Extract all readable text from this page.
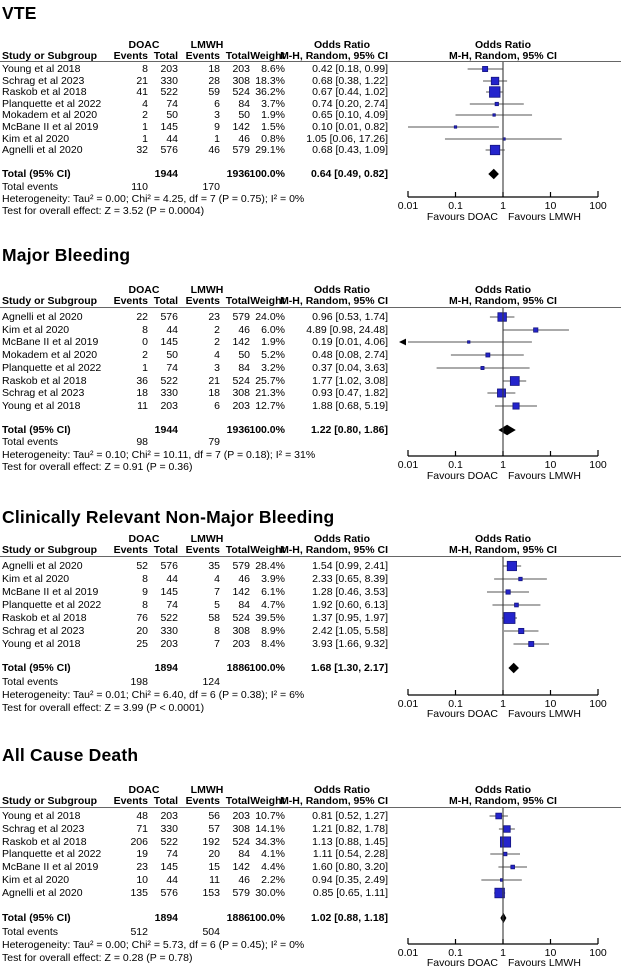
VTE
DOAC	LMWH	Odds Ratio	Odds Ratio
Study or Subgroup	Events Total Events Total Weight
M-H, Random, 95% CI	M-H, Random, 95% CI
Young et al 2018	8	203	18	203	8.6%	0.42 [0.18, 0.99]
Schrag et al 2023	21	330	28	308 18.3%	0.68 [0.38, 1.22]
Raskob et al 2018	41	522	59	524 36.2%	0.67 [0.44, 1.02]
Planquette et al 2022	4	74	6	84	3.7%	0.74 [0.20, 2.74]
Mokadem et al 2020	2	50	3	50	1.9%	0.65 [0.10, 4.09]
McBane II et al 2019	1	145	9	142	1.5%	0.10 [0.01, 0.82]
Kim et al 2020	1	44	1	46	0.8%	1.05 [0.06, 17.26]
Agnelli et al 2020	32	576	46	579 29.1%	0.68 [0.43, 1.09]
Total (95% CI)	1944	1936 100.0%	0.64 [0.49, 0.82]
Total events	110	170
Heterogeneity: Tau² = 0.00; Chi² = 4.25, df = 7 (P = 0.75); I² = 0%
Test for overall effect: Z = 3.52 (P = 0.0004)	0.01	0.1	1	10	100
Favours DOAC Favours LMWH
Major Bleeding
DOAC	LMWH	Odds Ratio	Odds Ratio
Study or Subgroup	Events Total Events Total Weight
M-H, Random, 95% CI	M-H, Random, 95% CI
Agnelli et al 2020	22	576	23	579 24.0%	0.96 [0.53, 1.74]
Kim et al 2020	8	44	2	46	6.0%	4.89 [0.98, 24.48]
McBane II et al 2019	0	145	2	142	1.9%	0.19 [0.01, 4.06]
Mokadem et al 2020	2	50	4	50	5.2%	0.48 [0.08, 2.74]
Planquette et al 2022	1	74	3	84	3.2%	0.37 [0.04, 3.63]
Raskob et al 2018	36	522	21	524 25.7%	1.77 [1.02, 3.08]
Schrag et al 2023	18	330	18	308 21.3%	0.93 [0.47, 1.82]
Young et al 2018	11	203	6	203 12.7%	1.88 [0.68, 5.19]
Total (95% CI)	1944	1936 100.0%	1.22 [0.80, 1.86]
Total events	98	79
Heterogeneity: Tau² = 0.10; Chi² = 10.11, df = 7 (P = 0.18); I² = 31%
Test for overall effect: Z = 0.91 (P = 0.36)	0.01	0.1	1	10	100
Favours DOAC Favours LMWH
Clinically Relevant Non-Major Bleeding
DOAC	LMWH	Odds Ratio	Odds Ratio
Study or Subgroup	Events Total Events Total Weight
M-H, Random, 95% CI	M-H, Random, 95% CI
Agnelli et al 2020	52	576	35	579 28.4%	1.54 [0.99, 2.41]
Kim et al 2020	8	44	4	46	3.9%	2.33 [0.65, 8.39]
McBane II et al 2019	9	145	7	142	6.1%	1.28 [0.46, 3.53]
Planquette et al 2022	8	74	5	84	4.7%	1.92 [0.60, 6.13]
Raskob et al 2018	76	522	58	524 39.5%	1.37 [0.95, 1.97]
Schrag et al 2023	20	330	8	308	8.9%	2.42 [1.05, 5.58]
Young et al 2018	25	203	7	203	8.4%	3.93 [1.66, 9.32]
Total (95% CI)	1894	1886 100.0%	1.68 [1.30, 2.17]
Total events	198	124
Heterogeneity: Tau² = 0.01; Chi² = 6.40, df = 6 (P = 0.38); I² = 6%
Test for overall effect: Z = 3.99 (P < 0.0001)	0.01	0.1	1	10	100
Favours DOAC Favours LMWH
All Cause Death
DOAC	LMWH	Odds Ratio	Odds Ratio
Study or Subgroup	Events Total Events Total Weight
M-H, Random, 95% CI	M-H, Random, 95% CI
Young et al 2018	48	203	56	203 10.7%	0.81 [0.52, 1.27]
Schrag et al 2023	71	330	57	308 14.1%	1.21 [0.82, 1.78]
Raskob et al 2018	206	522	192	524 34.3%	1.13 [0.88, 1.45]
Planquette et al 2022	19	74	20	84	4.1%	1.11 [0.54, 2.28]
McBane II et al 2019	23	145	15	142	4.4%	1.60 [0.80, 3.20]
Kim et al 2020	10	44	11	46	2.2%	0.94 [0.35, 2.49]
Agnelli et al 2020	135	576	153	579 30.0%	0.85 [0.65, 1.11]
Total (95% CI)	1894	1886 100.0%	1.02 [0.88, 1.18]
Total events	512	504
Heterogeneity: Tau² = 0.00; Chi² = 5.73, df = 6 (P = 0.45); I² = 0%
Test for overall effect: Z = 0.28 (P = 0.78)	0.01	0.1	1	10	100
Favours DOAC Favours LMWH
